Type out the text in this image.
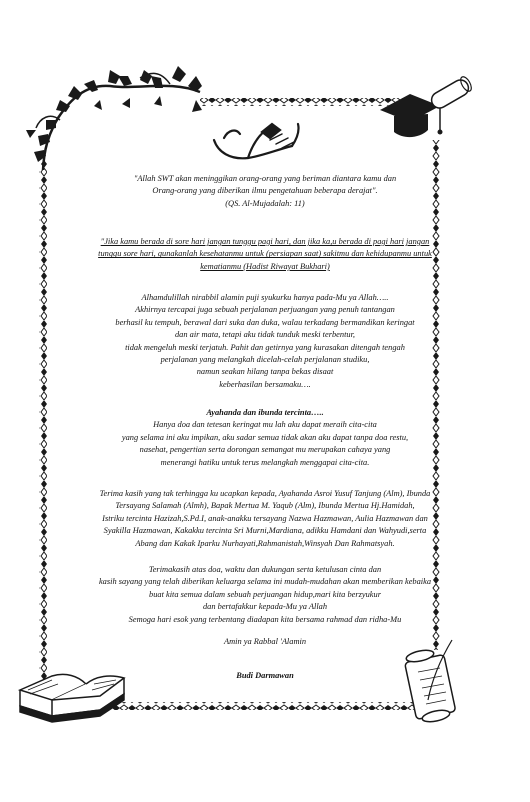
"Allah SWT akan meninggikan orang-orang yang beriman diantara kamu dan

Orang-orang yang diberikan ilmu pengetahuan beberapa derajat".

(QS. Al-Mujadalah: 11)

"Jika kamu berada di sore hari jangan tunggu pagi hari, dan jika ka,u berada di pagi hari jangan

tunggu sore hari, gunakanlah kesehatanmu untuk (persiapan saat) sakitmu dan kehidupanmu untuk

kematianmu (Hadist Riwayat Bukhari)

Alhamdulillah nirabbil alamin puji syukurku hanya pada-Mu ya Allah…..

Akhirnya tercapai juga sebuah perjalanan perjuangan yang penuh tantangan

berhasil ku tempuh, berawal dari suka dan duka, walau terkadang bermandikan keringat

dan air mata, tetapi aku tidak tunduk meski terbentur,

tidak mengeluh meski terjatuh. Pahit dan getirnya yang kurasakan ditengah tengah

perjalanan yang melangkah dicelah-celah perjalanan studiku,

namun seakan hilang tanpa bekas disaat

keberhasilan bersamaku….

Ayahanda dan ibunda tercinta…..

Hanya doa dan tetesan keringat mu lah aku dapat meraih cita-cita

yang selama ini aku impikan, aku sadar semua tidak akan aku dapat tanpa doa restu,

nasehat, pengertian serta dorongan semangat mu merupakan cahaya yang

menerangi hatiku untuk terus melangkah menggapai cita-cita.

Terima kasih yang tak terhingga ku ucapkan kepada, Ayahanda Asroi Yusuf Tanjung (Alm), Ibunda

Tersayang Salamah (Almh), Bapak Mertua M. Yaqub (Alm), Ibunda Mertua Hj.Hamidah,

Istriku tercinta Hazizah,S.Pd.I, anak-anakku tersayang Nazwa Hazmawan, Aulia Hazmawan dan

Syakilla Hazmawan, Kakakku tercinta Sri Murni,Mardiana, adikku Hamdani dan Wahyudi,serta

Abang dan Kakak Iparku Nurhayati,Rahmanistah,Winsyah Dan Rahmatsyah.

Terimakasih atas doa, waktu dan dukungan serta ketulusan cinta dan

kasih sayang yang telah diberikan keluarga selama ini mudah-mudahan akan memberikan kebaika

buat kita semua dalam sebuah perjuangan hidup,mari kita berzyukur

dan bertafakkur kepada-Mu ya Allah

Semoga hari esok yang terbentang diadapan kita bersama rahmad dan ridha-Mu

Amin ya Rabbal 'Alamin

Budi Darmawan
